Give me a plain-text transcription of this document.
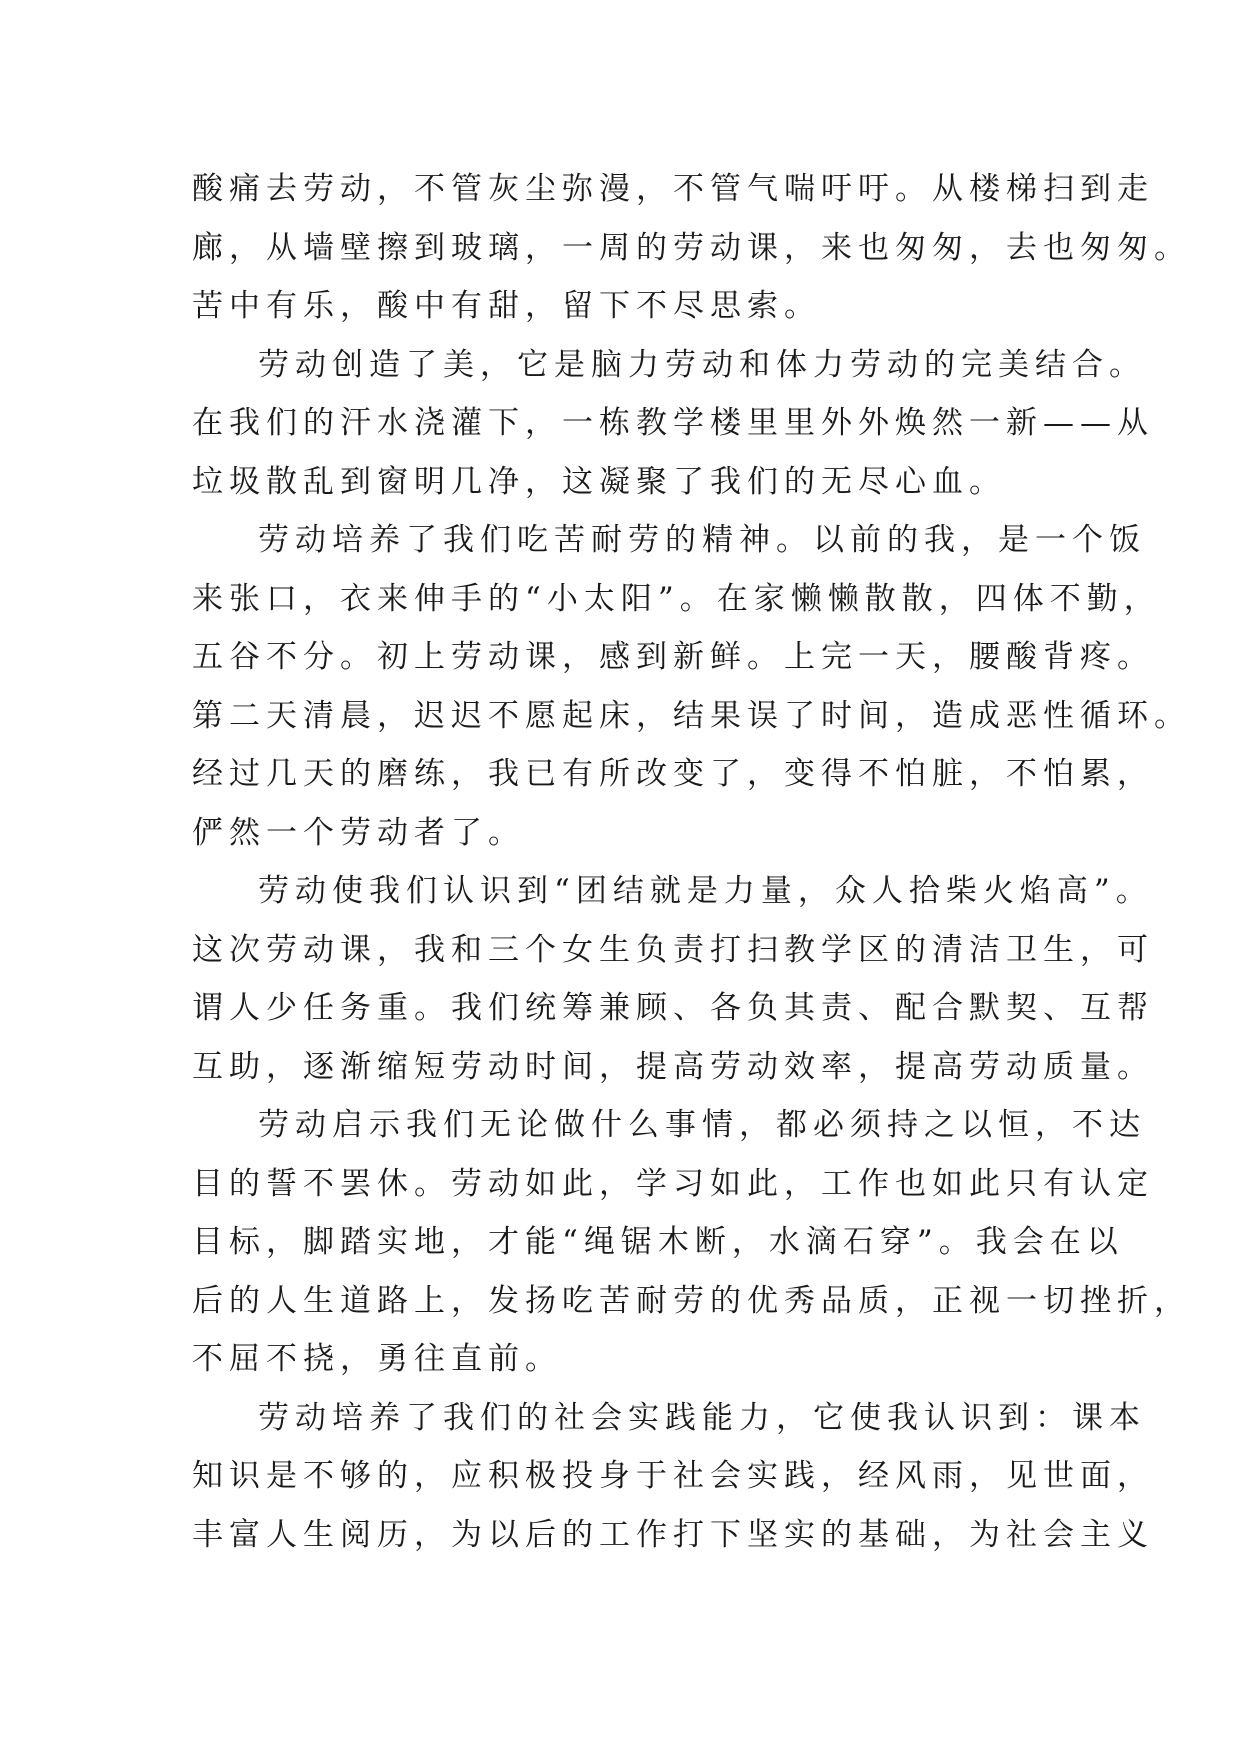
酸痛去劳动，不管灰尘弥漫，不管气喘吁吁。从楼梯扫到走
廊，从墙壁擦到玻璃，一周的劳动课，来也匆匆，去也匆匆。
苦中有乐，酸中有甜，留下不尽思索。
劳动创造了美，它是脑力劳动和体力劳动的完美结合。
在我们的汗水浇灌下，一栋教学楼里里外外焕然一新——从
垃圾散乱到窗明几净，这凝聚了我们的无尽心血。
劳动培养了我们吃苦耐劳的精神。以前的我，是一个饭
来张口，衣来伸手的“小太阳”。在家懒懒散散，四体不勤，
五谷不分。初上劳动课，感到新鲜。上完一天，腰酸背疼。
第二天清晨，迟迟不愿起床，结果误了时间，造成恶性循环。
经过几天的磨练，我已有所改变了，变得不怕脏，不怕累，
俨然一个劳动者了。
劳动使我们认识到“团结就是力量，众人拾柴火焰高”。
这次劳动课，我和三个女生负责打扫教学区的清洁卫生，可
谓人少任务重。我们统筹兼顾、各负其责、配合默契、互帮
互助，逐渐缩短劳动时间，提高劳动效率，提高劳动质量。
劳动启示我们无论做什么事情，都必须持之以恒，不达
目的誓不罢休。劳动如此，学习如此，工作也如此只有认定
目标，脚踏实地，才能“绳锯木断，水滴石穿”。我会在以
后的人生道路上，发扬吃苦耐劳的优秀品质，正视一切挫折，
不屈不挠，勇往直前。
劳动培养了我们的社会实践能力，它使我认识到：课本
知识是不够的，应积极投身于社会实践，经风雨，见世面，
丰富人生阅历，为以后的工作打下坚实的基础，为社会主义
